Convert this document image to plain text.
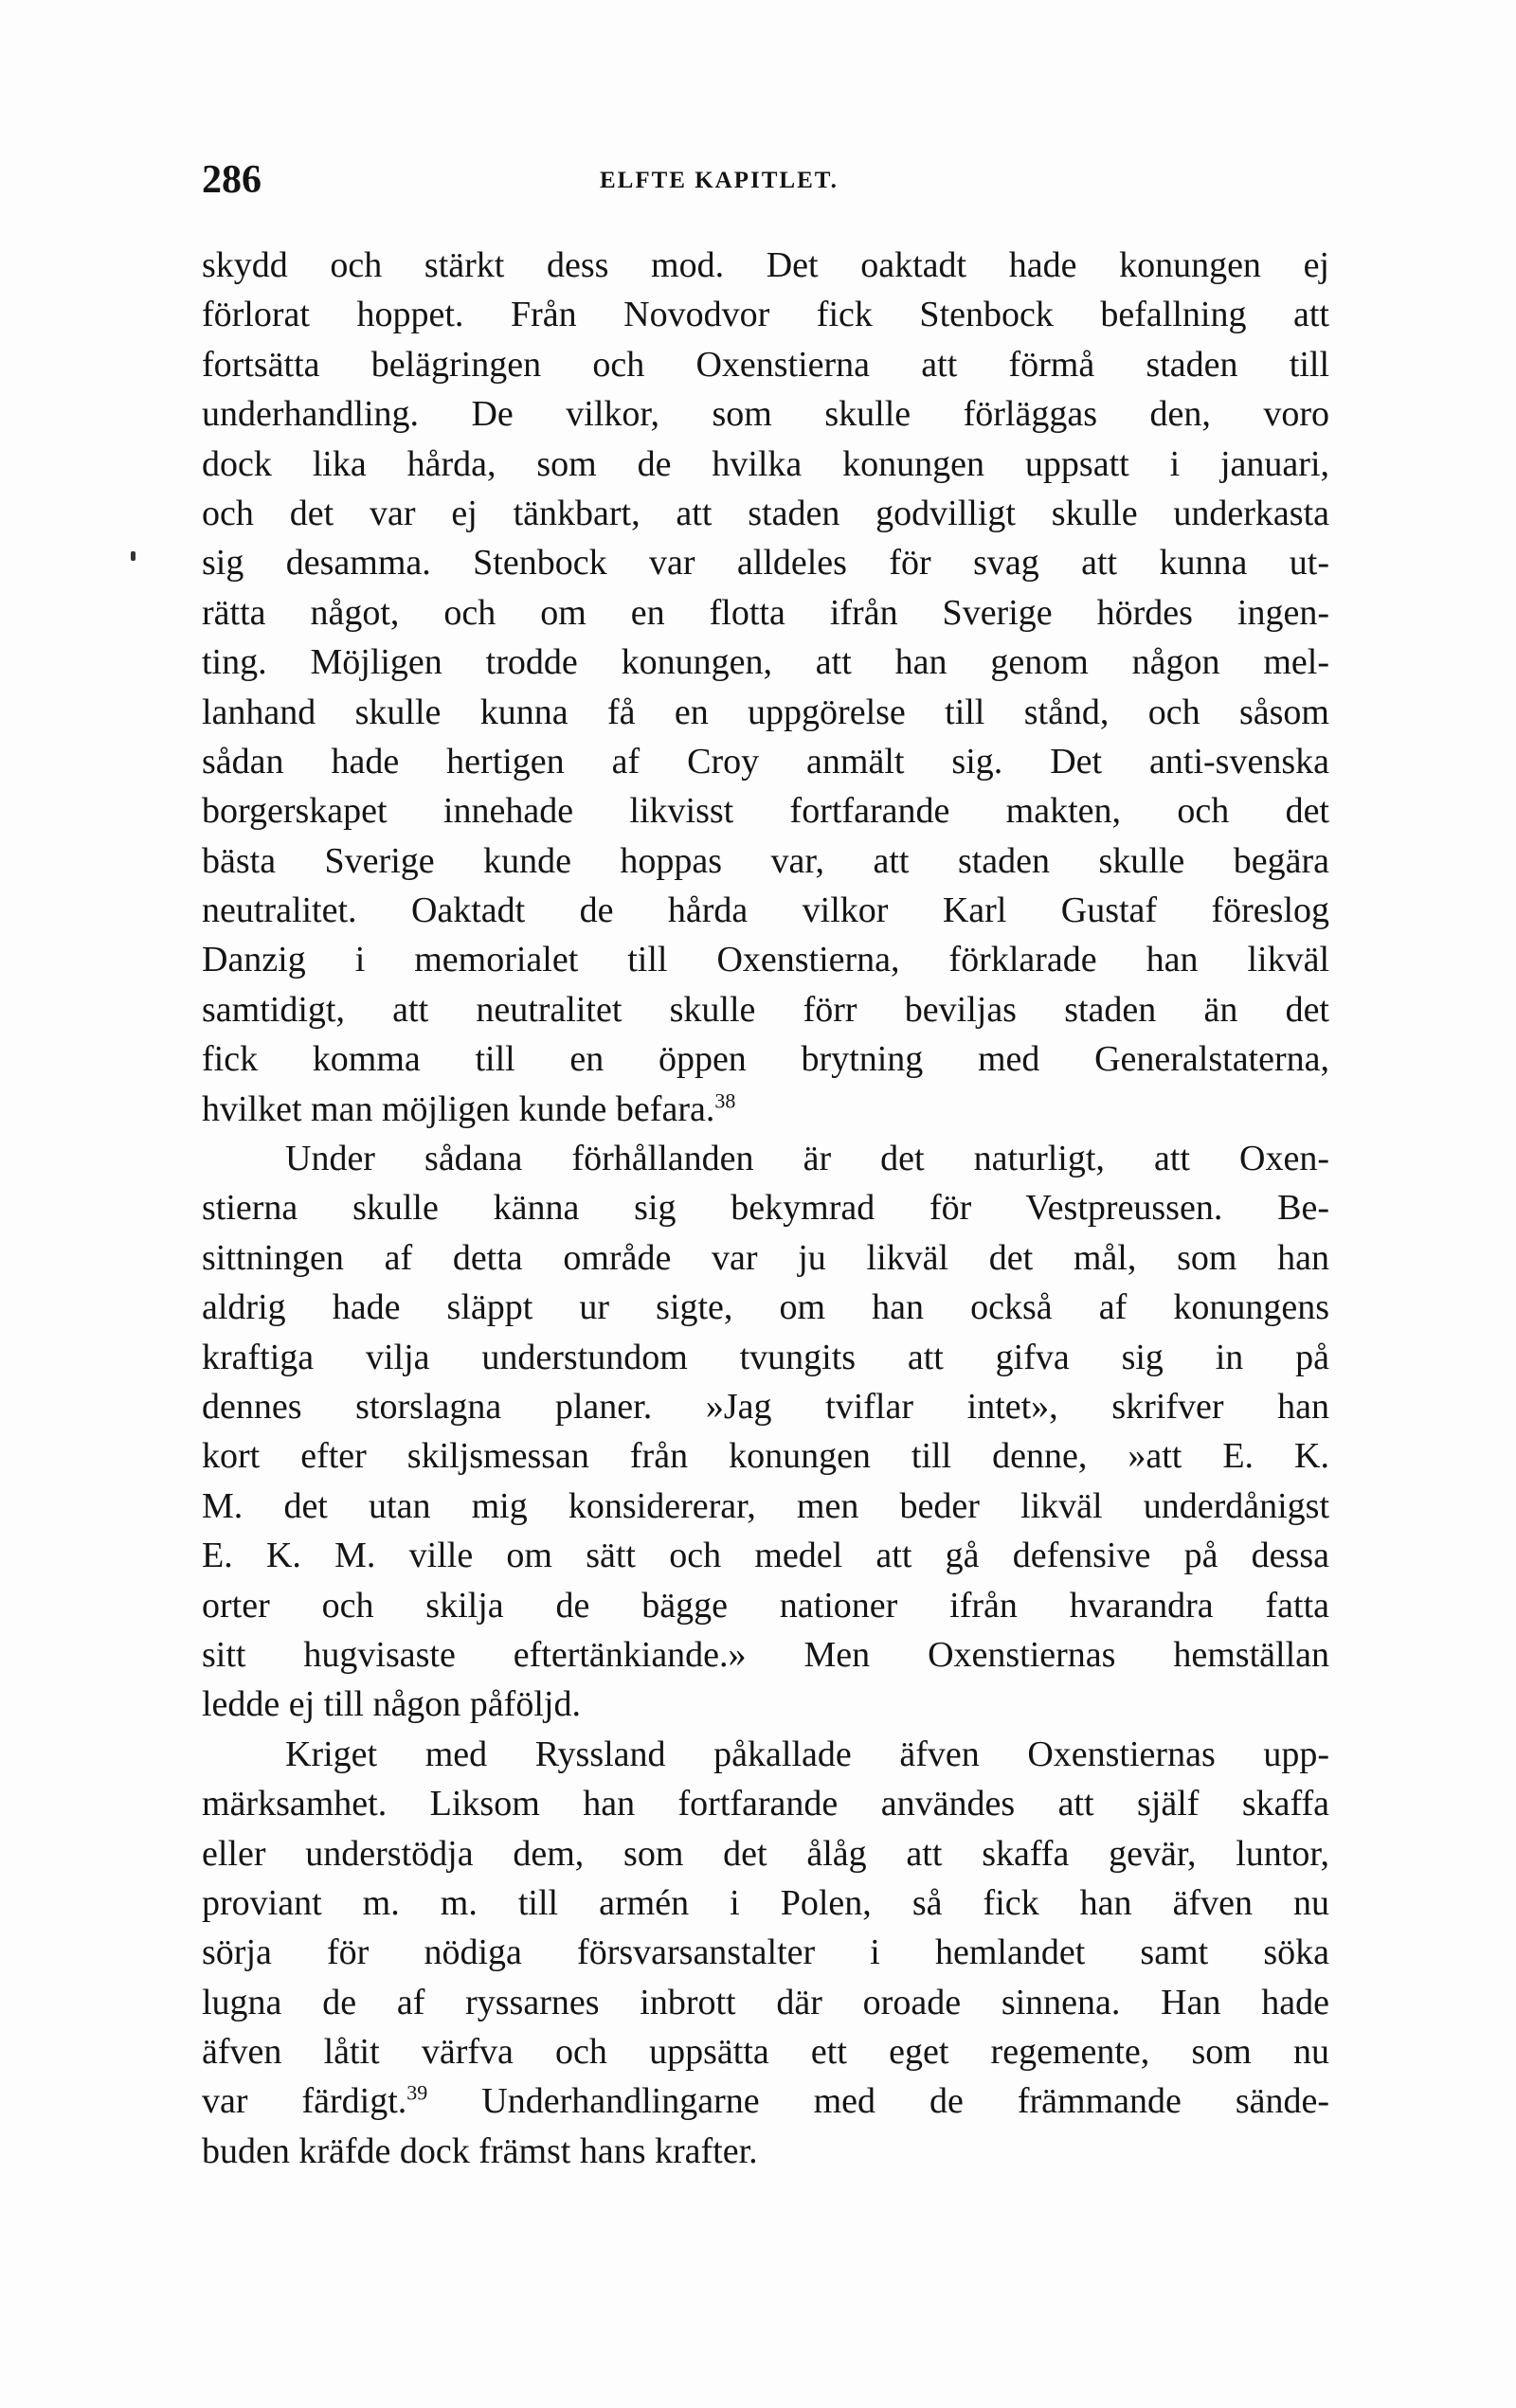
286	ELFTE KAPITLET.
skydd och stärkt dess mod. Det oaktadt hade konungen ej
förlorat hoppet. Från Novodvor fick Stenbock befallning att
fortsätta belägringen och Oxenstierna att förmå staden till
underhandling. De vilkor, som skulle förläggas den, voro
dock lika hårda, som de hvilka konungen uppsatt i januari,
och det var ej tänkbart, att staden godvilligt skulle underkasta
sig desamma. Stenbock var alldeles för svag att kunna ut-
rätta något, och om en flotta ifrån Sverige hördes ingen-
ting. Möjligen trodde konungen, att han genom någon mel-
lanhand skulle kunna få en uppgörelse till stånd, och såsom
sådan hade hertigen af Croy anmält sig. Det anti-svenska
borgerskapet innehade likvisst fortfarande makten, och det
bästa Sverige kunde hoppas var, att staden skulle begära
neutralitet. Oaktadt de hårda vilkor Karl Gustaf föreslog
Danzig i memorialet till Oxenstierna, förklarade han likväl
samtidigt, att neutralitet skulle förr beviljas staden än det
fick komma till en öppen brytning med Generalstaterna,
hvilket man möjligen kunde befara.$^{38}$
Under sådana förhållanden är det naturligt, att Oxen-
stierna skulle känna sig bekymrad för Vestpreussen. Be-
sittningen af detta område var ju likväl det mål, som han
aldrig hade släppt ur sigte, om han också af konungens
kraftiga vilja understundom tvungits att gifva sig in på
dennes storslagna planer. »Jag tviflar intet», skrifver han
kort efter skiljsmessan från konungen till denne, »att E. K.
M. det utan mig konsidererar, men beder likväl underdånigst
E. K. M. ville om sätt och medel att gå defensive på dessa
orter och skilja de bägge nationer ifrån hvarandra fatta
sitt hugvisaste eftertänkiande.» Men Oxenstiernas hemställan
ledde ej till någon påföljd.
Kriget med Ryssland påkallade äfven Oxenstiernas upp-
märksamhet. Liksom han fortfarande användes att själf skaffa
eller understödja dem, som det ålåg att skaffa gevär, luntor,
proviant m. m. till armén i Polen, så fick han äfven nu
sörja för nödiga försvarsanstalter i hemlandet samt söka
lugna de af ryssarnes inbrott där oroade sinnena. Han hade
äfven låtit värfva och uppsätta ett eget regemente, som nu
var färdigt.$^{39}$ Underhandlingarne med de främmande sände-
buden kräfde dock främst hans krafter.
